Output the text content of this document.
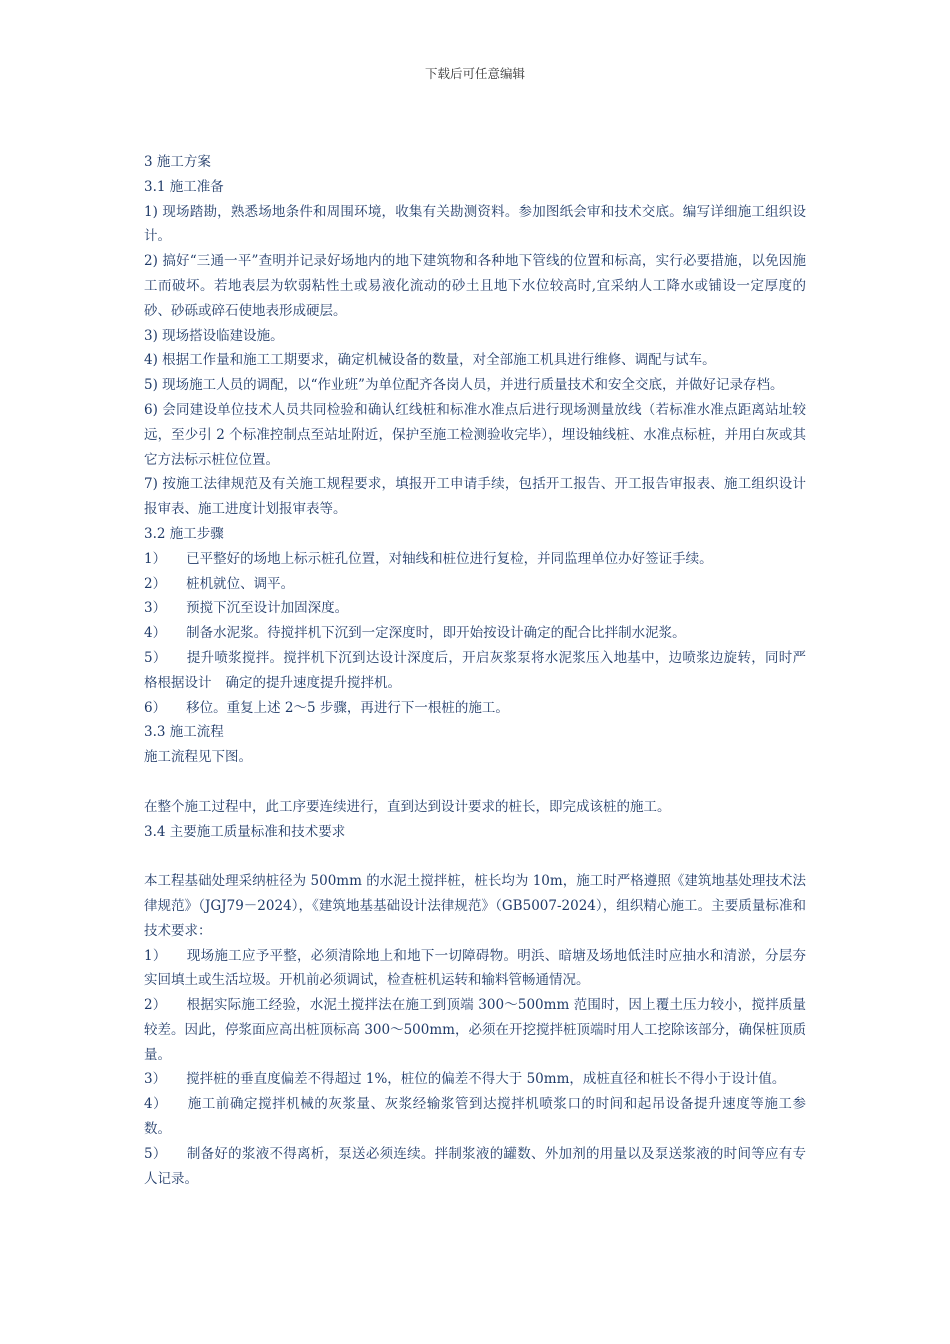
下载后可任意编辑

3 施工方案

3.1 施工准备

1) 现场踏勘，熟悉场地条件和周围环境，收集有关勘测资料。参加图纸会审和技术交底。编写详细施工组织设计。

2) 搞好“三通一平”查明并记录好场地内的地下建筑物和各种地下管线的位置和标高，实行必要措施，以免因施工而破坏。若地表层为软弱粘性土或易液化流动的砂土且地下水位较高时,宜采纳人工降水或铺设一定厚度的砂、砂砾或碎石使地表形成硬层。

3) 现场搭设临建设施。

4) 根据工作量和施工工期要求，确定机械设备的数量，对全部施工机具进行维修、调配与试车。

5) 现场施工人员的调配，以“作业班”为单位配齐各岗人员，并进行质量技术和安全交底，并做好记录存档。

6) 会同建设单位技术人员共同检验和确认红线桩和标准水准点后进行现场测量放线（若标准水准点距离站址较远，至少引 2 个标准控制点至站址附近，保护至施工检测验收完毕），埋设轴线桩、水准点标桩，并用白灰或其它方法标示桩位位置。

7) 按施工法律规范及有关施工规程要求，填报开工申请手续，包括开工报告、开工报告审报表、施工组织设计报审表、施工进度计划报审表等。

3.2 施工步骤

1） 已平整好的场地上标示桩孔位置，对轴线和桩位进行复检，并同监理单位办好签证手续。

2） 桩机就位、调平。

3） 预搅下沉至设计加固深度。

4） 制备水泥浆。待搅拌机下沉到一定深度时，即开始按设计确定的配合比拌制水泥浆。

5） 提升喷浆搅拌。搅拌机下沉到达设计深度后，开启灰浆泵将水泥浆压入地基中，边喷浆边旋转，同时严格根据设计 确定的提升速度提升搅拌机。

6） 移位。重复上述 2～5 步骤，再进行下一根桩的施工。

3.3 施工流程

施工流程见下图。

在整个施工过程中，此工序要连续进行，直到达到设计要求的桩长，即完成该桩的施工。

3.4 主要施工质量标准和技术要求

本工程基础处理采纳桩径为 500mm 的水泥土搅拌桩，桩长均为 10m，施工时严格遵照《建筑地基处理技术法律规范》（JGJ79－2024），《建筑地基基础设计法律规范》（GB5007-2024），组织精心施工。主要质量标准和技术要求：

1） 现场施工应予平整，必须清除地上和地下一切障碍物。明浜、暗塘及场地低洼时应抽水和清淤，分层夯实回填土或生活垃圾。开机前必须调试，检查桩机运转和输料管畅通情况。

2） 根据实际施工经验，水泥土搅拌法在施工到顶端 300～500mm 范围时，因上覆土压力较小，搅拌质量较差。因此，停浆面应高出桩顶标高 300～500mm，必须在开挖搅拌桩顶端时用人工挖除该部分，确保桩顶质量。

3） 搅拌桩的垂直度偏差不得超过 1%，桩位的偏差不得大于 50mm，成桩直径和桩长不得小于设计值。

4） 施工前确定搅拌机械的灰浆量、灰浆经输浆管到达搅拌机喷浆口的时间和起吊设备提升速度等施工参数。

5） 制备好的浆液不得离析，泵送必须连续。拌制浆液的罐数、外加剂的用量以及泵送浆液的时间等应有专人记录。
